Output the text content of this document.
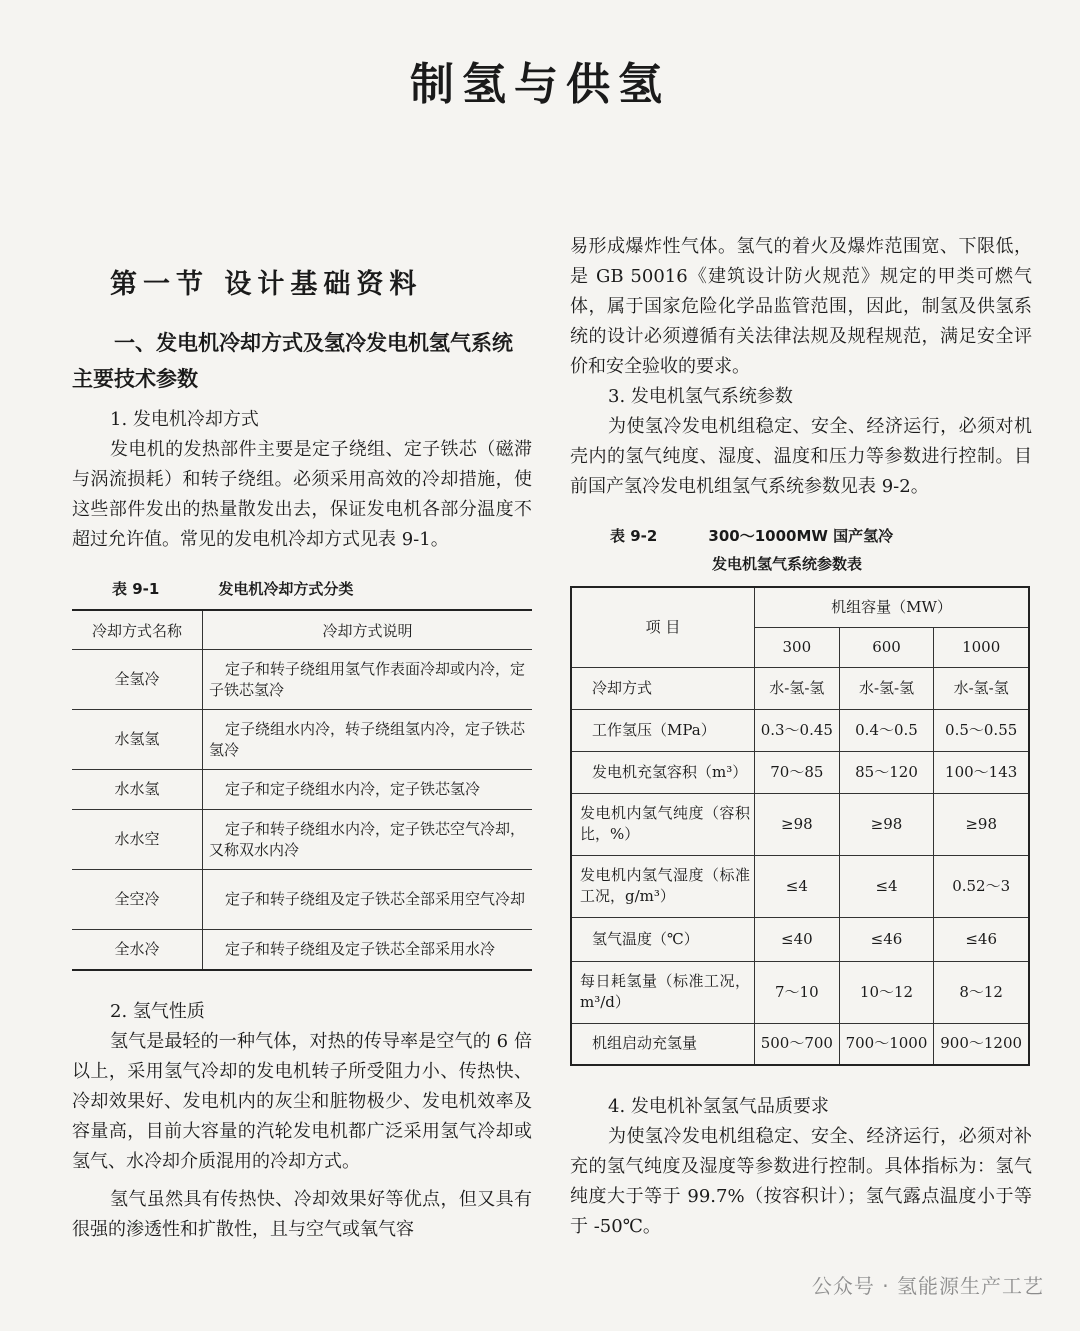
制氢与供氢
第一节 设计基础资料
一、发电机冷却方式及氢冷发电机氢气系统主要技术参数
1. 发电机冷却方式

发电机的发热部件主要是定子绕组、定子铁芯（磁滞与涡流损耗）和转子绕组。必须采用高效的冷却措施，使这些部件发出的热量散发出去，保证发电机各部分温度不超过允许值。常见的发电机冷却方式见表 9-1。

表 9-1	发电机冷却方式分类
冷却方式名称	冷却方式说明
全氢冷	定子和转子绕组用氢气作表面冷却或内冷，定子铁芯氢冷
水氢氢	定子绕组水内冷，转子绕组氢内冷，定子铁芯氢冷
水水氢	定子和定子绕组水内冷，定子铁芯氢冷
水水空	定子和转子绕组水内冷，定子铁芯空气冷却，又称双水内冷
全空冷	定子和转子绕组及定子铁芯全部采用空气冷却
全水冷	定子和转子绕组及定子铁芯全部采用水冷
2. 氢气性质

氢气是最轻的一种气体，对热的传导率是空气的 6 倍以上，采用氢气冷却的发电机转子所受阻力小、传热快、冷却效果好、发电机内的灰尘和脏物极少、发电机效率及容量高，目前大容量的汽轮发电机都广泛采用氢气冷却或氢气、水冷却介质混用的冷却方式。

氢气虽然具有传热快、冷却效果好等优点，但又具有很强的渗透性和扩散性，且与空气或氧气容

易形成爆炸性气体。氢气的着火及爆炸范围宽、下限低，是 GB 50016《建筑设计防火规范》规定的甲类可燃气体，属于国家危险化学品监管范围，因此，制氢及供氢系统的设计必须遵循有关法律法规及规程规范，满足安全评价和安全验收的要求。

3. 发电机氢气系统参数

为使氢冷发电机组稳定、安全、经济运行，必须对机壳内的氢气纯度、湿度、温度和压力等参数进行控制。目前国产氢冷发电机组氢气系统参数见表 9-2。

表 9-2	300～1000MW 国产氢冷
发电机氢气系统参数表
项 目	机组容量（MW）		
	300	600	1000
冷却方式	水-氢-氢	水-氢-氢	水-氢-氢
工作氢压（MPa）	0.3～0.45	0.4～0.5	0.5～0.55
发电机充氢容积（m³）	70～85	85～120	100～143
发电机内氢气纯度（容积比，%）	≥98	≥98	≥98
发电机内氢气湿度（标准工况，g/m³）	≤4	≤4	0.52～3
氢气温度（℃）	≤40	≤46	≤46
每日耗氢量（标准工况，m³/d）	7～10	10～12	8～12
机组启动充氢量	500～700	700～1000	900～1200
4. 发电机补氢氢气品质要求

为使氢冷发电机组稳定、安全、经济运行，必须对补充的氢气纯度及湿度等参数进行控制。具体指标为：氢气纯度大于等于 99.7%（按容积计）；氢气露点温度小于等于 -50℃。

公众号 · 氢能源生产工艺
